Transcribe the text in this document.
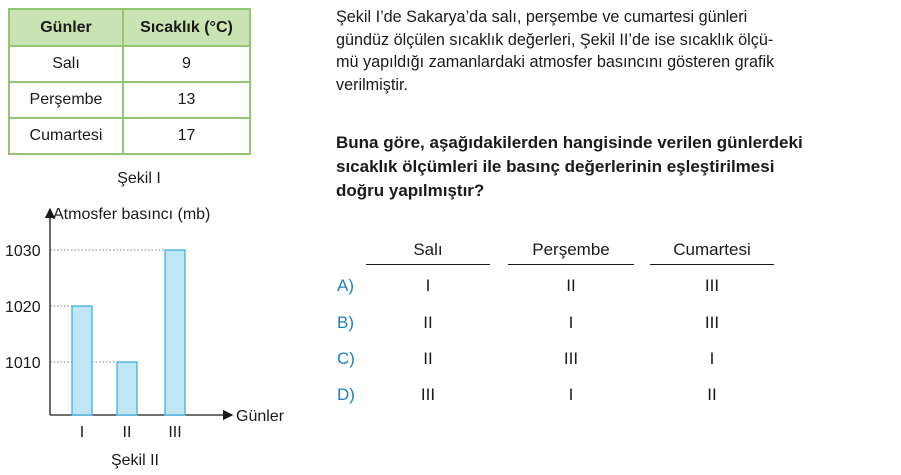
Günler	Sıcaklık (°C)
Salı	9
Perşembe	13
Cumartesi	17
Şekil I
Atmosfer basıncı (mb)
Günler
1010
1020
1030
I II III
Şekil II
Şekil I’de Sakarya’da salı, perşembe ve cumartesi günleri
gündüz ölçülen sıcaklık değerleri, Şekil II’de ise sıcaklık ölçü-
mü yapıldığı zamanlardaki atmosfer basıncını gösteren grafik
verilmiştir.
Buna göre, aşağıdakilerden hangisinde verilen günlerdeki
sıcaklık ölçümleri ile basınç değerlerinin eşleştirilmesi
doğru yapılmıştır?
Salı	Perşembe	Cumartesi
A)	I	II	III
B)	II	I	III
C)	II	III	I
D)	III	I	II
